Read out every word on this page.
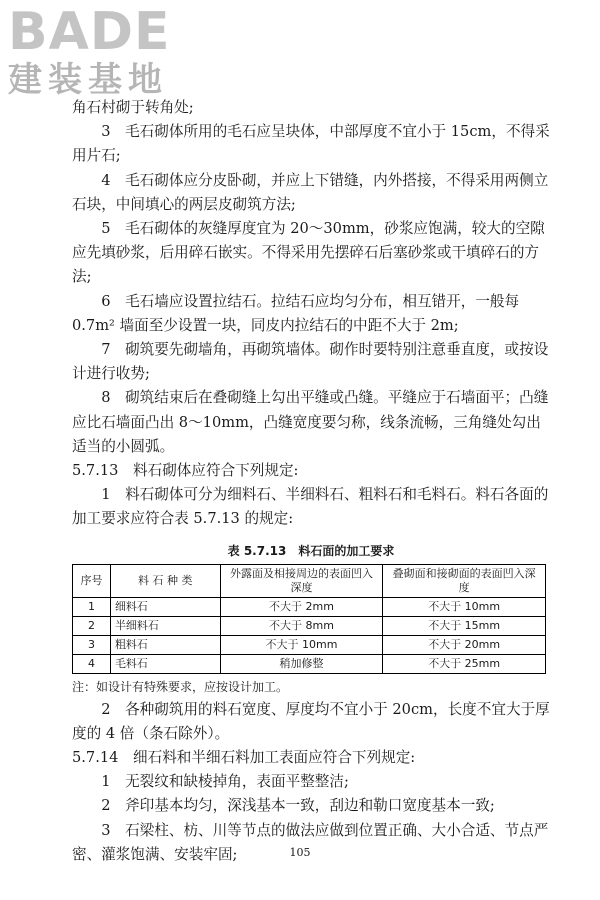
BADE
建装基地

角石村砌于转角处;

3　毛石砌体所用的毛石应呈块体，中部厚度不宜小于 15cm，不得采用片石;

4　毛石砌体应分皮卧砌，并应上下错缝，内外搭接，不得采用两侧立石块，中间填心的两层皮砌筑方法;

5　毛石砌体的灰缝厚度宜为 20～30mm，砂浆应饱满，较大的空隙应先填砂浆，后用碎石嵌实。不得采用先摆碎石后塞砂浆或干填碎石的方法;

6　毛石墙应设置拉结石。拉结石应均匀分布，相互错开，一般每 0.7m² 墙面至少设置一块，同皮内拉结石的中距不大于 2m;

7　砌筑要先砌墙角，再砌筑墙体。砌作时要特别注意垂直度，或按设计进行收势;

8　砌筑结束后在叠砌缝上勾出平缝或凸缝。平缝应于石墙面平；凸缝应比石墙面凸出 8～10mm，凸缝宽度要匀称，线条流畅，三角缝处勾出适当的小圆弧。

5.7.13　料石砌体应符合下列规定:

1　料石砌体可分为细料石、半细料石、粗料石和毛料石。料石各面的加工要求应符合表 5.7.13 的规定:

表 5.7.13　料石面的加工要求
序号	料 石 种 类	外露面及相接周边的表面凹入深度	叠砌面和接砌面的表面凹入深度
1	细料石	不大于 2mm	不大于 10mm
2	半细料石	不大于 8mm	不大于 15mm
3	粗料石	不大于 10mm	不大于 20mm
4	毛料石	稍加修整	不大于 25mm

注：如设计有特殊要求，应按设计加工。

2　各种砌筑用的料石宽度、厚度均不宜小于 20cm，长度不宜大于厚度的 4 倍（条石除外）。

5.7.14　细石料和半细石料加工表面应符合下列规定:

1　无裂纹和缺棱掉角，表面平整整洁;

2　斧印基本均匀，深浅基本一致，刮边和勒口宽度基本一致;

3　石梁柱、枋、川等节点的做法应做到位置正确、大小合适、节点严密、灌浆饱满、安装牢固;	105
